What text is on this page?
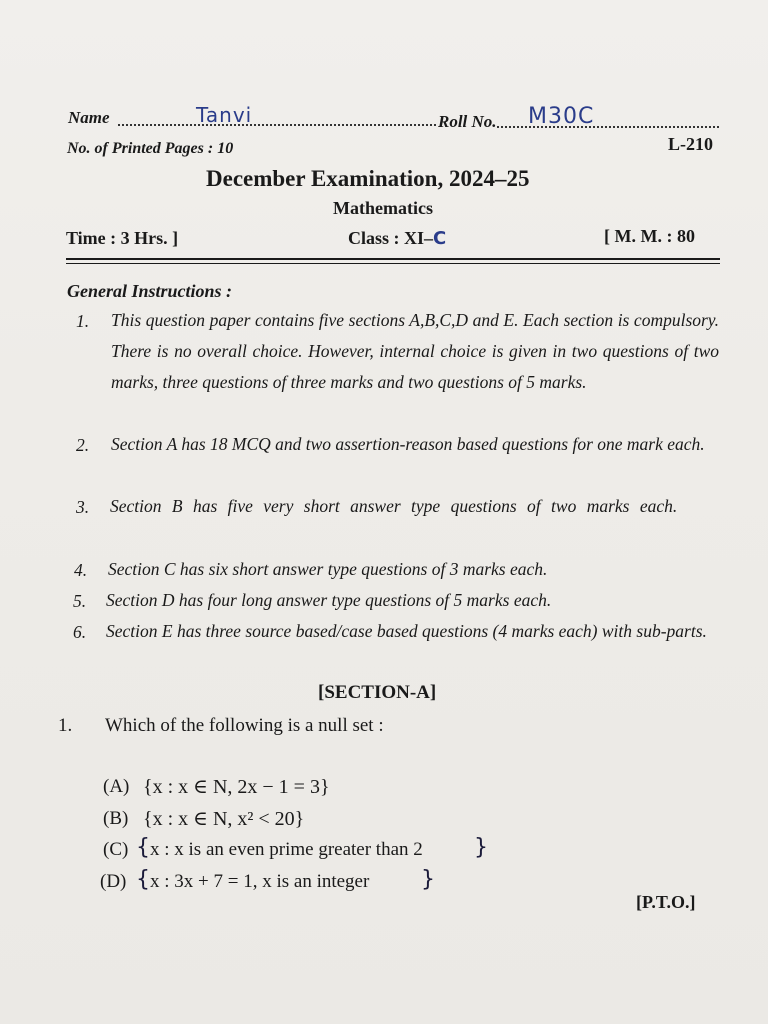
Name	Tanvi	Roll No. M30C
No. of Printed Pages : 10	L-210
December Examination, 2024–25
Mathematics
Time : 3 Hrs. ]	Class : XI–C	[ M. M. : 80
General Instructions :
1. This question paper contains five sections A,B,C,D and E. Each section is compulsory. There is no overall choice. However, internal choice is given in two questions of two marks, three questions of three marks and two questions of 5 marks.
2. Section A has 18 MCQ and two assertion-reason based questions for one mark each.
3. Section B has five very short answer type questions of two marks each.
4. Section C has six short answer type questions of 3 marks each.
5. Section D has four long answer type questions of 5 marks each.
6. Section E has three source based/case based questions (4 marks each) with sub-parts.
[SECTION-A]
1. Which of the following is a null set :
(A) {x : x ∈ N, 2x − 1 = 3}
(B) {x : x ∈ N, x² < 20}
(C) { x : x is an even prime greater than 2 }
(D) { x : 3x + 7 = 1, x is an integer }
[P.T.O.]
